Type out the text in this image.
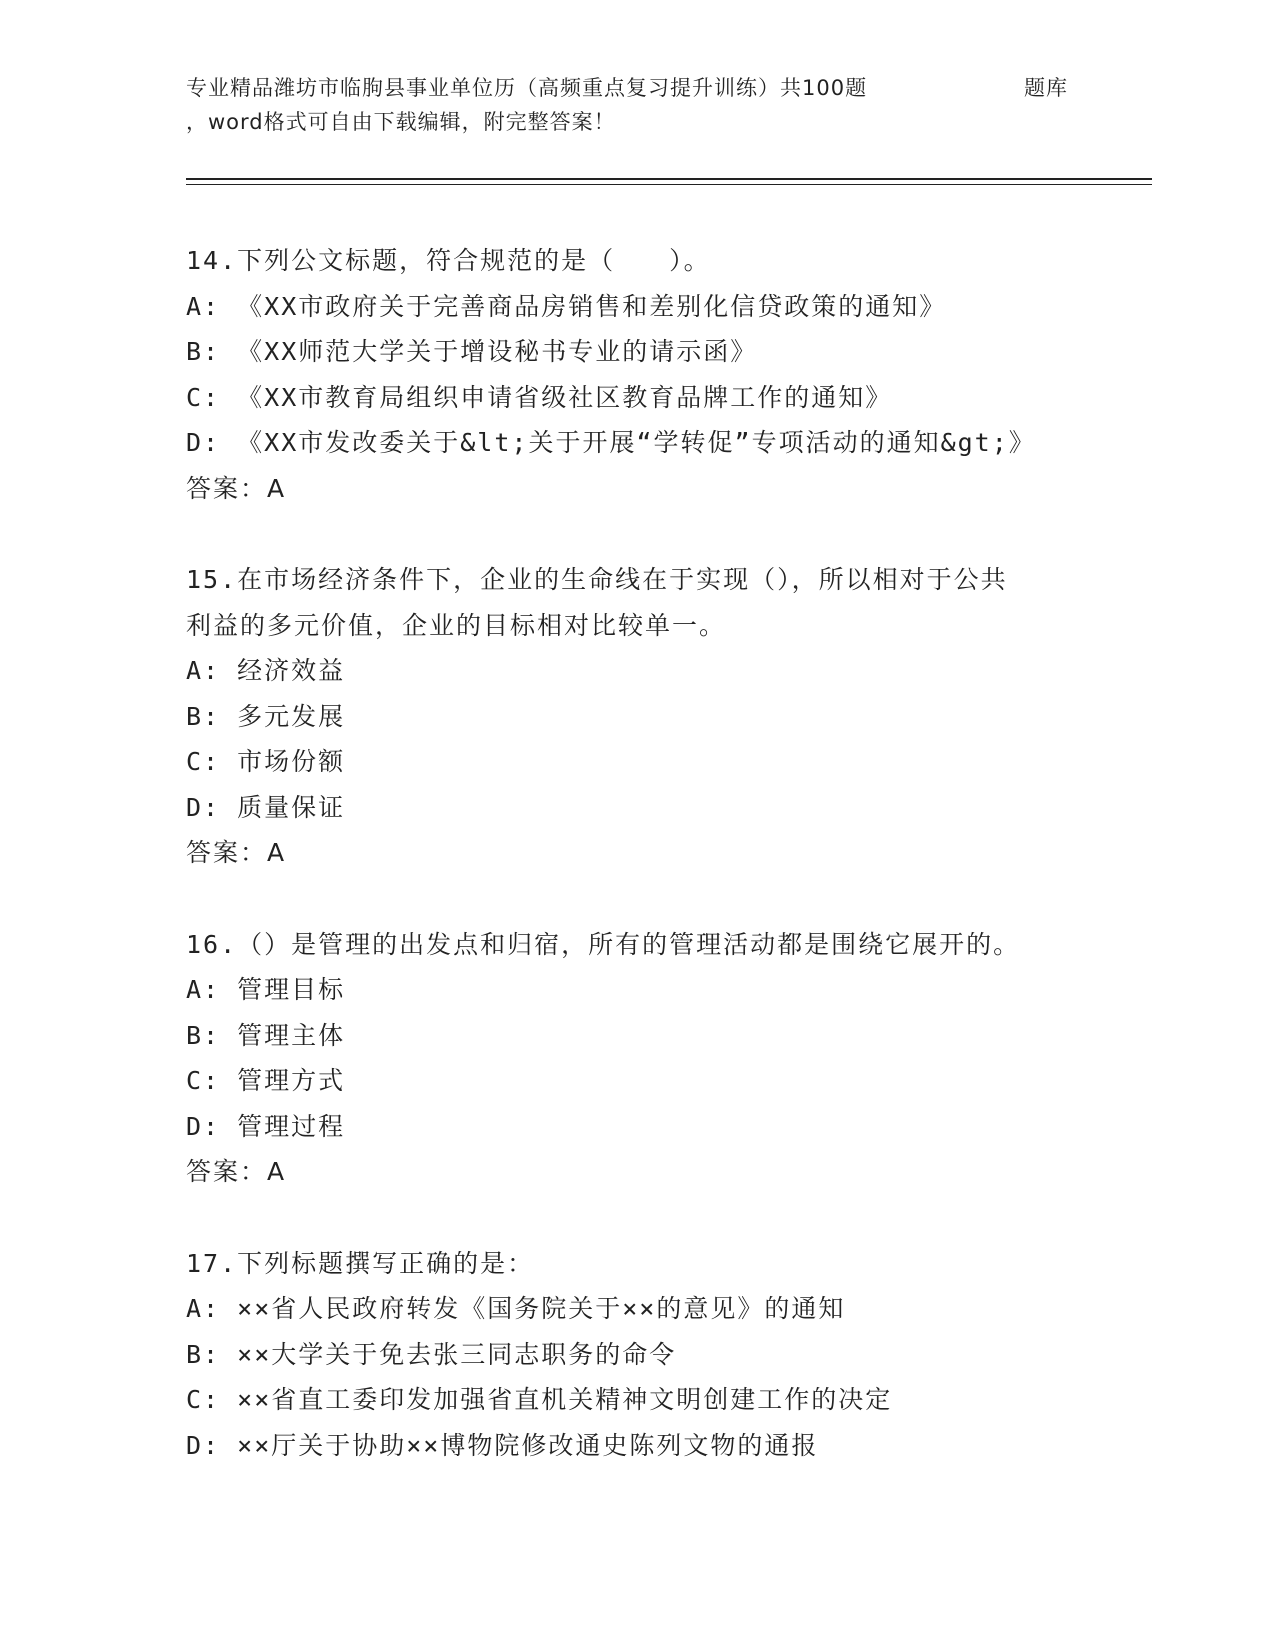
专业精品潍坊市临朐县事业单位历（高频重点复习提升训练）共100题	题库
，word格式可自由下载编辑，附完整答案！
14.下列公文标题，符合规范的是（　　）。
A: 《XX市政府关于完善商品房销售和差别化信贷政策的通知》
B: 《XX师范大学关于增设秘书专业的请示函》
C: 《XX市教育局组织申请省级社区教育品牌工作的通知》
D: 《XX市发改委关于&lt;关于开展“学转促”专项活动的通知&gt;》
答案：A
15.在市场经济条件下，企业的生命线在于实现（），所以相对于公共
利益的多元价值，企业的目标相对比较单一。
A: 经济效益
B: 多元发展
C: 市场份额
D: 质量保证
答案：A
16.（）是管理的出发点和归宿，所有的管理活动都是围绕它展开的。
A: 管理目标
B: 管理主体
C: 管理方式
D: 管理过程
答案：A
17.下列标题撰写正确的是：
A: ××省人民政府转发《国务院关于××的意见》的通知
B: ××大学关于免去张三同志职务的命令
C: ××省直工委印发加强省直机关精神文明创建工作的决定
D: ××厅关于协助××博物院修改通史陈列文物的通报
